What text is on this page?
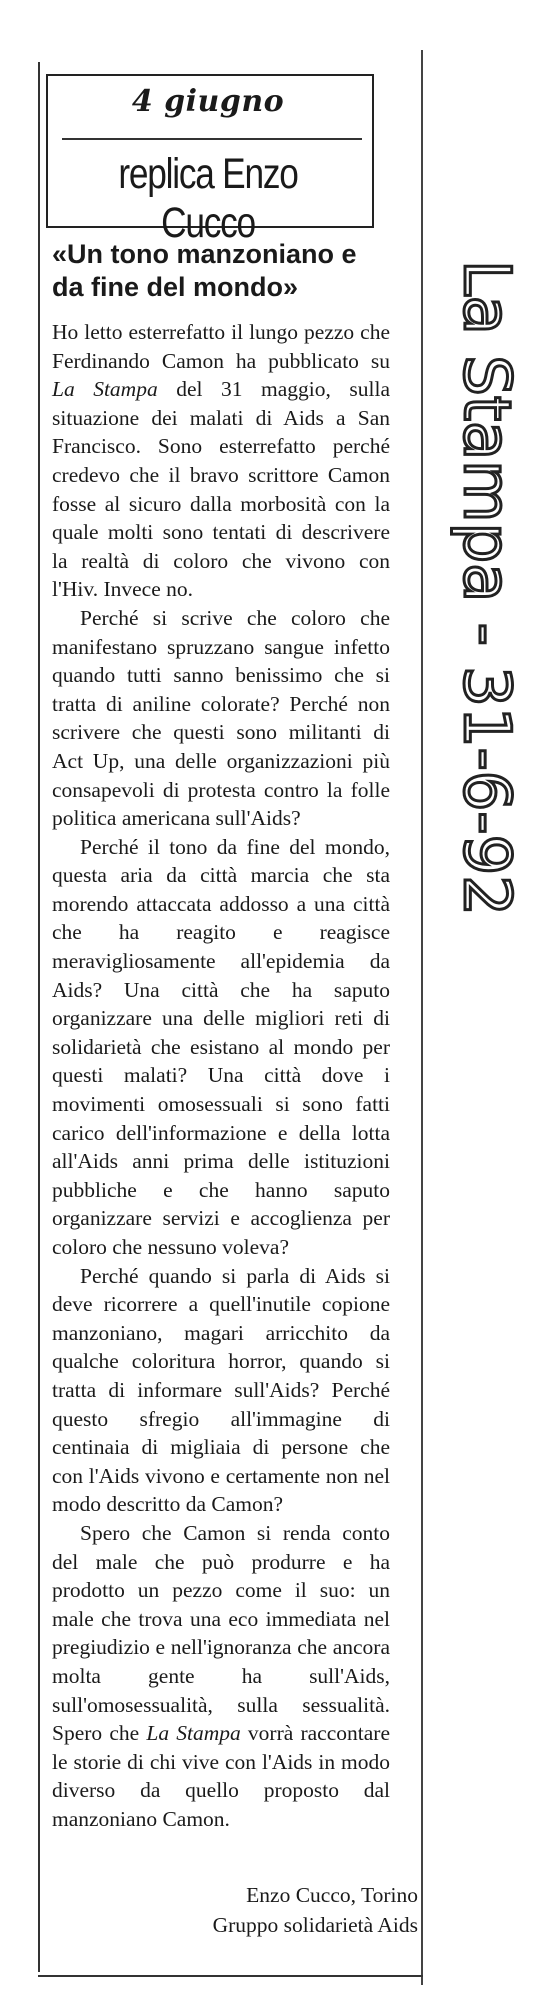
4 giugno
replica Enzo Cucco
«Un tono manzoniano e da fine del mondo»

Ho letto esterrefatto il lungo pezzo che Ferdinando Camon ha pubblicato su La Stampa del 31 maggio, sulla situazione dei malati di Aids a San Francisco. Sono esterrefatto perché credevo che il bravo scrittore Camon fosse al sicuro dalla morbosità con la quale molti sono tentati di descrivere la realtà di coloro che vivono con l'Hiv. Invece no.

Perché si scrive che coloro che manifestano spruzzano sangue infetto quando tutti sanno benissimo che si tratta di aniline colorate? Perché non scrivere che questi sono militanti di Act Up, una delle organizzazioni più consapevoli di protesta contro la folle politica americana sull'Aids?

Perché il tono da fine del mondo, questa aria da città marcia che sta morendo attaccata addosso a una città che ha reagito e reagisce meravigliosamente all'epidemia da Aids? Una città che ha saputo organizzare una delle migliori reti di solidarietà che esistano al mondo per questi malati? Una città dove i movimenti omosessuali si sono fatti carico dell'informazione e della lotta all'Aids anni prima delle istituzioni pubbliche e che hanno saputo organizzare servizi e accoglienza per coloro che nessuno voleva?

Perché quando si parla di Aids si deve ricorrere a quell'inutile copione manzoniano, magari arricchito da qualche coloritura horror, quando si tratta di informare sull'Aids? Perché questo sfregio all'immagine di centinaia di migliaia di persone che con l'Aids vivono e certamente non nel modo descritto da Camon?

Spero che Camon si renda conto del male che può produrre e ha prodotto un pezzo come il suo: un male che trova una eco immediata nel pregiudizio e nell'ignoranza che ancora molta gente ha sull'Aids, sull'omosessualità, sulla sessualità. Spero che La Stampa vorrà raccontare le storie di chi vive con l'Aids in modo diverso da quello proposto dal manzoniano Camon.

Enzo Cucco, Torino
Gruppo solidarietà Aids
La Stampa - 31-6-92
